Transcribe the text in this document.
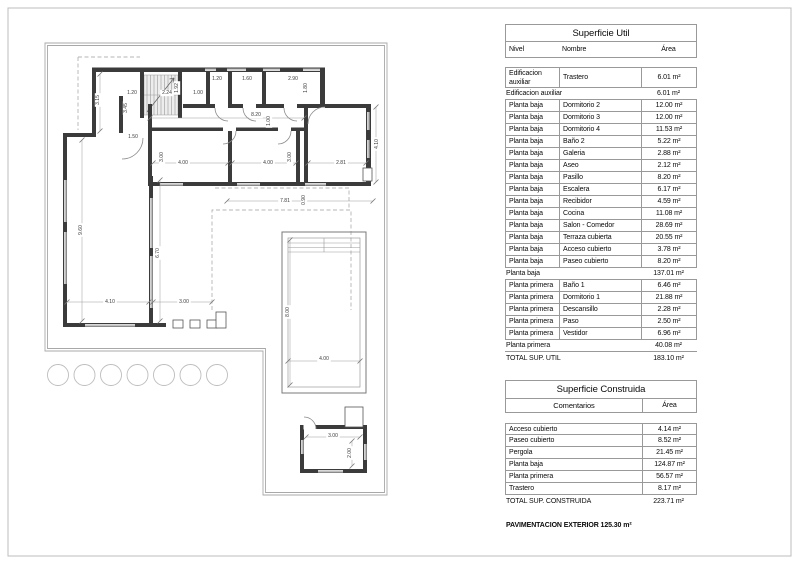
3.15
1.20
3.45
2.24
1.92
1.00
1.20	1.60	2.90
1.80
8.20
1.00
1.50
3.00
4.00	4.00
3.00
2.81
4.10
7.81 0.90
9.60
6.70
4.10	3.00
8.00
4.00
3.00
2.00
Superficie Util
Nivel	Nombre	Área
Edificacion auxiliar
Trastero	6.01 m²
Edificacion auxiliar	6.01 m²
Planta baja	Dormitorio 2	12.00 m²
Planta baja	Dormitorio 3	12.00 m²
Planta baja	Dormitorio 4	11.53 m²
Planta baja	Baño 2	5.22 m²
Planta baja	Galeria	2.88 m²
Planta baja	Aseo	2.12 m²
Planta baja	Pasillo	8.20 m²
Planta baja	Escalera	6.17 m²
Planta baja	Recibidor	4.59 m²
Planta baja	Cocina	11.08 m²
Planta baja	Salon - Comedor	28.69 m²
Planta baja	Terraza cubierta	20.55 m²
Planta baja	Acceso cubierto	3.78 m²
Planta baja	Paseo cubierto	8.20 m²
Planta baja	137.01 m²
Planta primera	Baño 1	6.46 m²
Planta primera	Dormitorio 1	21.88 m²
Planta primera	Descansillo	2.28 m²
Planta primera	Paso	2.50 m²
Planta primera	Vestidor	6.96 m²
Planta primera	40.08 m²
TOTAL SUP. UTIL	183.10 m²
Superficie Construida
Comentarios	Área
Acceso cubierto	4.14 m²
Paseo cubierto	8.52 m²
Pergola	21.45 m²
Planta baja	124.87 m²
Planta primera	56.57 m²
Trastero	8.17 m²
TOTAL SUP. CONSTRUIDA	223.71 m²
PAVIMENTACION EXTERIOR 125.30 m²
